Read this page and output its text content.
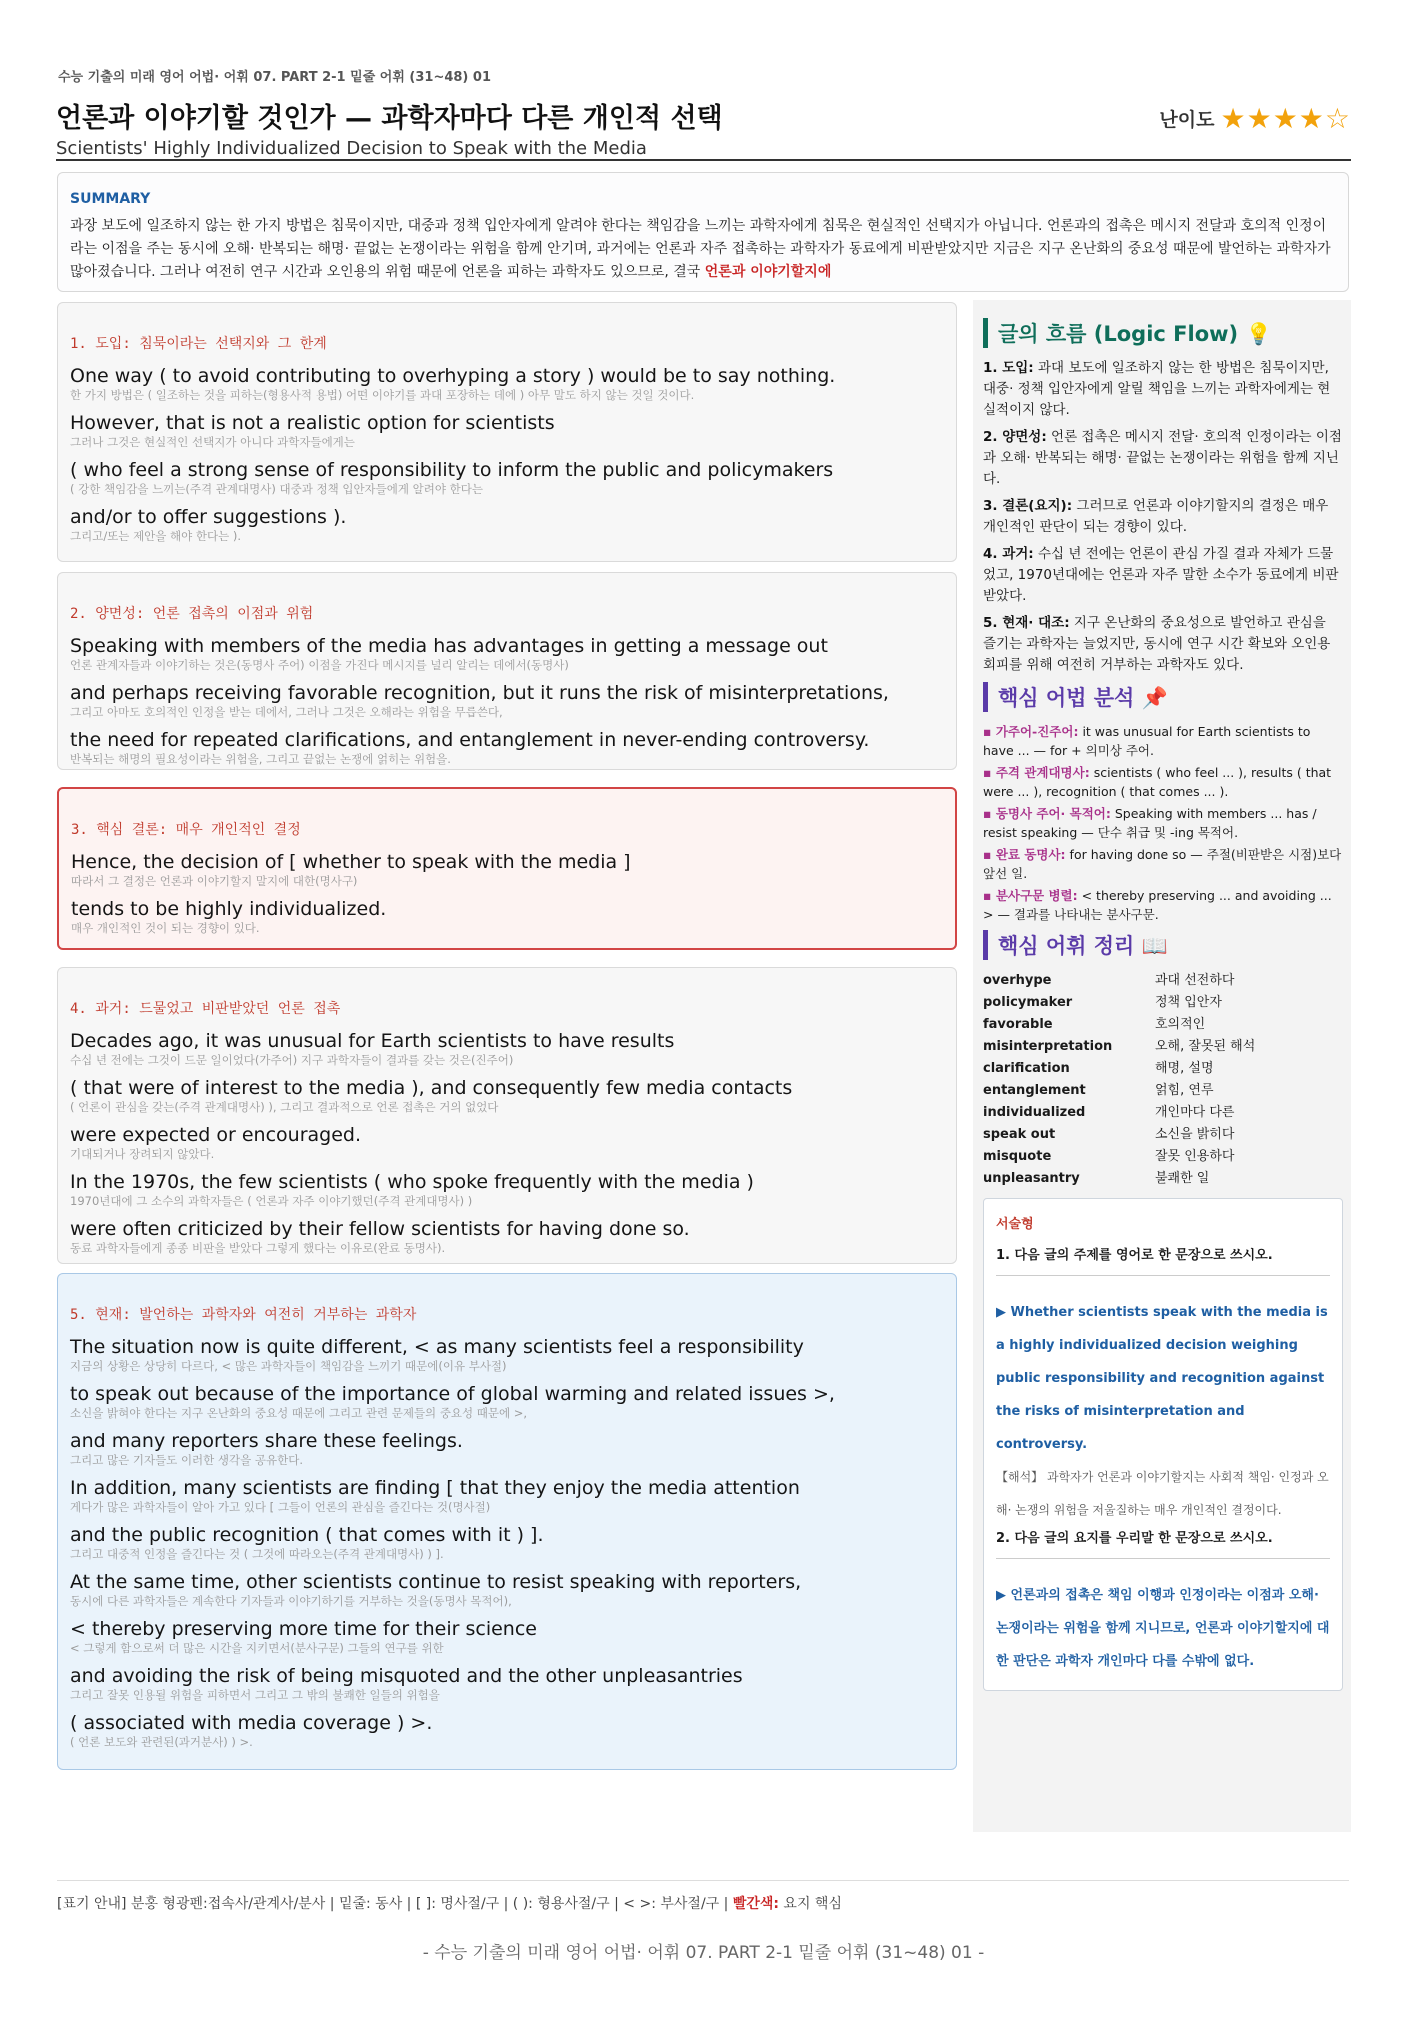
수능 기출의 미래 영어 어법· 어휘 07. PART 2-1 밑줄 어휘 (31~48) 01
언론과 이야기할 것인가 — 과학자마다 다른 개인적 선택
Scientists' Highly Individualized Decision to Speak with the Media
난이도 ★★★★☆
SUMMARY
과장 보도에 일조하지 않는 한 가지 방법은 침묵이지만, 대중과 정책 입안자에게 알려야 한다는 책임감을 느끼는 과학자에게 침묵은 현실적인 선택지가 아닙니다. 언론과의 접촉은 메시지 전달과 호의적 인정이라는 이점을 주는 동시에 오해· 반복되는 해명· 끝없는 논쟁이라는 위험을 함께 안기며, 과거에는 언론과 자주 접촉하는 과학자가 동료에게 비판받았지만 지금은 지구 온난화의 중요성 때문에 발언하는 과학자가 많아졌습니다. 그러나 여전히 연구 시간과 오인용의 위험 때문에 언론을 피하는 과학자도 있으므로, 결국 언론과 이야기할지에
1. 도입: 침묵이라는 선택지와 그 한계
One way ( to avoid contributing to overhyping a story ) would be to say nothing.
한 가지 방법은 ( 일조하는 것을 피하는(형용사적 용법) 어떤 이야기를 과대 포장하는 데에 ) 아무 말도 하지 않는 것일 것이다.
However, that is not a realistic option for scientists
그러나 그것은 현실적인 선택지가 아니다 과학자들에게는
( who feel a strong sense of responsibility to inform the public and policymakers
( 강한 책임감을 느끼는(주격 관계대명사) 대중과 정책 입안자들에게 알려야 한다는
and/or to offer suggestions ).
그리고/또는 제안을 해야 한다는 ).
2. 양면성: 언론 접촉의 이점과 위험
Speaking with members of the media has advantages in getting a message out
언론 관계자들과 이야기하는 것은(동명사 주어) 이점을 가진다 메시지를 널리 알리는 데에서(동명사)
and perhaps receiving favorable recognition, but it runs the risk of misinterpretations,
그리고 아마도 호의적인 인정을 받는 데에서, 그러나 그것은 오해라는 위험을 무릅쓴다,
the need for repeated clarifications, and entanglement in never-ending controversy.
반복되는 해명의 필요성이라는 위험을, 그리고 끝없는 논쟁에 얽히는 위험을.
3. 핵심 결론: 매우 개인적인 결정
Hence, the decision of [ whether to speak with the media ]
따라서 그 결정은 언론과 이야기할지 말지에 대한(명사구)
tends to be highly individualized.
매우 개인적인 것이 되는 경향이 있다.
4. 과거: 드물었고 비판받았던 언론 접촉
Decades ago, it was unusual for Earth scientists to have results
수십 년 전에는 그것이 드문 일이었다(가주어) 지구 과학자들이 결과를 갖는 것은(진주어)
( that were of interest to the media ), and consequently few media contacts
( 언론이 관심을 갖는(주격 관계대명사) ), 그리고 결과적으로 언론 접촉은 거의 없었다
were expected or encouraged.
기대되거나 장려되지 않았다.
In the 1970s, the few scientists ( who spoke frequently with the media )
1970년대에 그 소수의 과학자들은 ( 언론과 자주 이야기했던(주격 관계대명사) )
were often criticized by their fellow scientists for having done so.
동료 과학자들에게 종종 비판을 받았다 그렇게 했다는 이유로(완료 동명사).
5. 현재: 발언하는 과학자와 여전히 거부하는 과학자
The situation now is quite different, < as many scientists feel a responsibility
지금의 상황은 상당히 다르다, < 많은 과학자들이 책임감을 느끼기 때문에(이유 부사절)
to speak out because of the importance of global warming and related issues >,
소신을 밝혀야 한다는 지구 온난화의 중요성 때문에 그리고 관련 문제들의 중요성 때문에 >,
and many reporters share these feelings.
그리고 많은 기자들도 이러한 생각을 공유한다.
In addition, many scientists are finding [ that they enjoy the media attention
게다가 많은 과학자들이 알아 가고 있다 [ 그들이 언론의 관심을 즐긴다는 것(명사절)
and the public recognition ( that comes with it ) ].
그리고 대중적 인정을 즐긴다는 것 ( 그것에 따라오는(주격 관계대명사) ) ].
At the same time, other scientists continue to resist speaking with reporters,
동시에 다른 과학자들은 계속한다 기자들과 이야기하기를 거부하는 것을(동명사 목적어),
< thereby preserving more time for their science
< 그렇게 함으로써 더 많은 시간을 지키면서(분사구문) 그들의 연구를 위한
and avoiding the risk of being misquoted and the other unpleasantries
그리고 잘못 인용될 위험을 피하면서 그리고 그 밖의 불쾌한 일들의 위험을
( associated with media coverage ) >.
( 언론 보도와 관련된(과거분사) ) >.
글의 흐름 (Logic Flow) 💡
1. 도입: 과대 보도에 일조하지 않는 한 방법은 침묵이지만, 대중· 정책 입안자에게 알릴 책임을 느끼는 과학자에게는 현실적이지 않다.
2. 양면성: 언론 접촉은 메시지 전달· 호의적 인정이라는 이점과 오해· 반복되는 해명· 끝없는 논쟁이라는 위험을 함께 지닌다.
3. 결론(요지): 그러므로 언론과 이야기할지의 결정은 매우 개인적인 판단이 되는 경향이 있다.
4. 과거: 수십 년 전에는 언론이 관심 가질 결과 자체가 드물었고, 1970년대에는 언론과 자주 말한 소수가 동료에게 비판받았다.
5. 현재· 대조: 지구 온난화의 중요성으로 발언하고 관심을 즐기는 과학자는 늘었지만, 동시에 연구 시간 확보와 오인용 회피를 위해 여전히 거부하는 과학자도 있다.
핵심 어법 분석 📌
▪ 가주어-진주어: it was unusual for Earth scientists to have ... — for + 의미상 주어.
▪ 주격 관계대명사: scientists ( who feel ... ), results ( that were ... ), recognition ( that comes ... ).
▪ 동명사 주어· 목적어: Speaking with members ... has / resist speaking — 단수 취급 및 -ing 목적어.
▪ 완료 동명사: for having done so — 주절(비판받은 시점)보다 앞선 일.
▪ 분사구문 병렬: < thereby preserving ... and avoiding ... > — 결과를 나타내는 분사구문.
핵심 어휘 정리 📖
overhype	과대 선전하다
policymaker	정책 입안자
favorable	호의적인
misinterpretation	오해, 잘못된 해석
clarification	해명, 설명
entanglement	얽힘, 연루
individualized	개인마다 다른
speak out	소신을 밝히다
misquote	잘못 인용하다
unpleasantry	불쾌한 일
서술형
1. 다음 글의 주제를 영어로 한 문장으로 쓰시오.
▶ Whether scientists speak with the media is a highly individualized decision weighing public responsibility and recognition against the risks of misinterpretation and controversy.
【해석】 과학자가 언론과 이야기할지는 사회적 책임· 인정과 오해· 논쟁의 위험을 저울질하는 매우 개인적인 결정이다.
2. 다음 글의 요지를 우리말 한 문장으로 쓰시오.
▶ 언론과의 접촉은 책임 이행과 인정이라는 이점과 오해· 논쟁이라는 위험을 함께 지니므로, 언론과 이야기할지에 대한 판단은 과학자 개인마다 다를 수밖에 없다.
[표기 안내] 분홍 형광펜:접속사/관계사/분사 | 밑줄: 동사 | [ ]: 명사절/구 | ( ): 형용사절/구 | < >: 부사절/구 | 빨간색: 요지 핵심
- 수능 기출의 미래 영어 어법· 어휘 07. PART 2-1 밑줄 어휘 (31~48) 01 -
